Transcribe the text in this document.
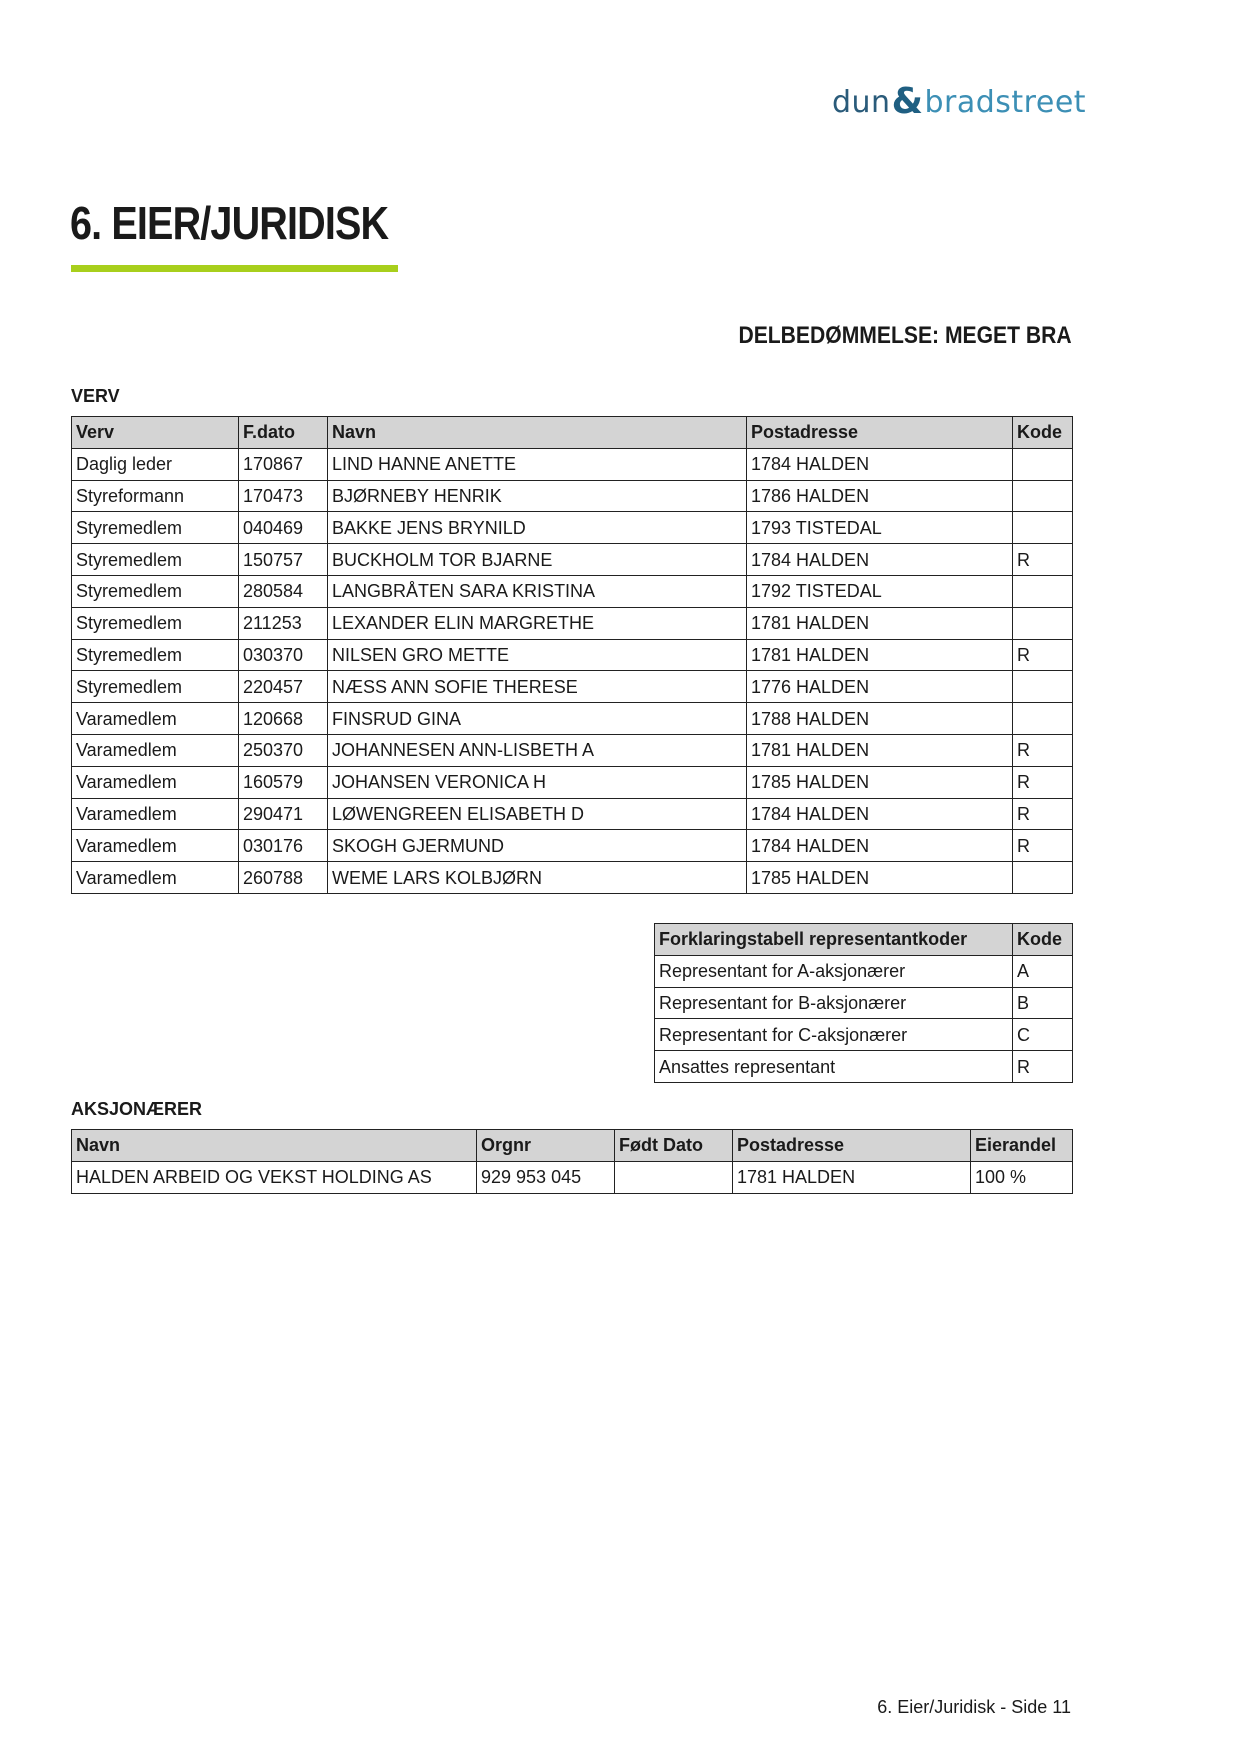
dun & bradstreet
6. EIER/JURIDISK
DELBEDØMMELSE: MEGET BRA
VERV
Verv	F.dato	Navn	Postadresse	Kode
Daglig leder	170867	LIND HANNE ANETTE	1784 HALDEN	
Styreformann	170473	BJØRNEBY HENRIK	1786 HALDEN	
Styremedlem	040469	BAKKE JENS BRYNILD	1793 TISTEDAL	
Styremedlem	150757	BUCKHOLM TOR BJARNE	1784 HALDEN	R
Styremedlem	280584	LANGBRÅTEN SARA KRISTINA	1792 TISTEDAL	
Styremedlem	211253	LEXANDER ELIN MARGRETHE	1781 HALDEN	
Styremedlem	030370	NILSEN GRO METTE	1781 HALDEN	R
Styremedlem	220457	NÆSS ANN SOFIE THERESE	1776 HALDEN	
Varamedlem	120668	FINSRUD GINA	1788 HALDEN	
Varamedlem	250370	JOHANNESEN ANN-LISBETH A	1781 HALDEN	R
Varamedlem	160579	JOHANSEN VERONICA H	1785 HALDEN	R
Varamedlem	290471	LØWENGREEN ELISABETH D	1784 HALDEN	R
Varamedlem	030176	SKOGH GJERMUND	1784 HALDEN	R
Varamedlem	260788	WEME LARS KOLBJØRN	1785 HALDEN	
Forklaringstabell representantkoder	Kode
Representant for A-aksjonærer	A
Representant for B-aksjonærer	B
Representant for C-aksjonærer	C
Ansattes representant	R
AKSJONÆRER
Navn	Orgnr	Født Dato	Postadresse	Eierandel
HALDEN ARBEID OG VEKST HOLDING AS	929 953 045		1781 HALDEN	100 %

6. Eier/Juridisk - Side 11
